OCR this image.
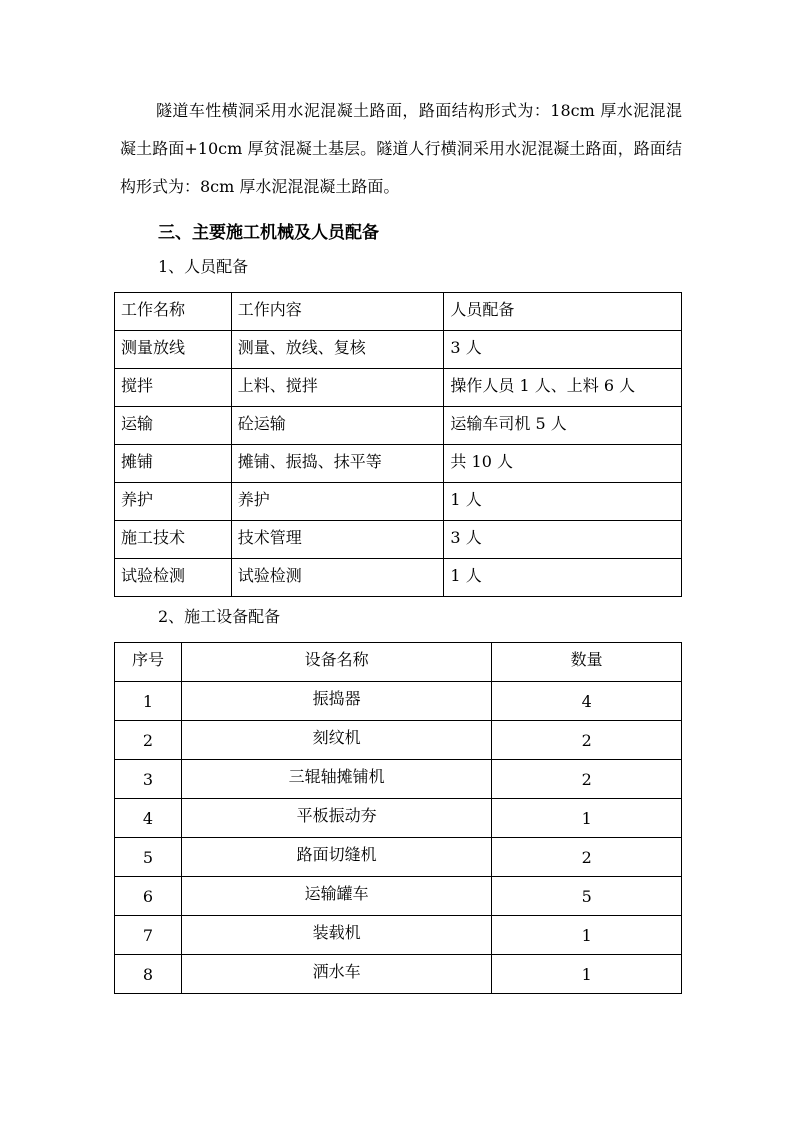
隧道车性横洞采用水泥混凝土路面，路面结构形式为：18cm 厚水泥混混凝土路面+10cm 厚贫混凝土基层。隧道人行横洞采用水泥混凝土路面，路面结构形式为：8cm 厚水泥混混凝土路面。

三、主要施工机械及人员配备

1、人员配备

工作名称	工作内容	人员配备
测量放线	测量、放线、复核	3 人
搅拌	上料、搅拌	操作人员 1 人、上料 6 人
运输	砼运输	运输车司机 5 人
摊铺	摊铺、振捣、抹平等	共 10 人
养护	养护	1 人
施工技术	技术管理	3 人
试验检测	试验检测	1 人

2、施工设备配备

序号	设备名称	数量
1	振捣器	4
2	刻纹机	2
3	三辊轴摊铺机	2
4	平板振动夯	1
5	路面切缝机	2
6	运输罐车	5
7	装载机	1
8	洒水车	1
